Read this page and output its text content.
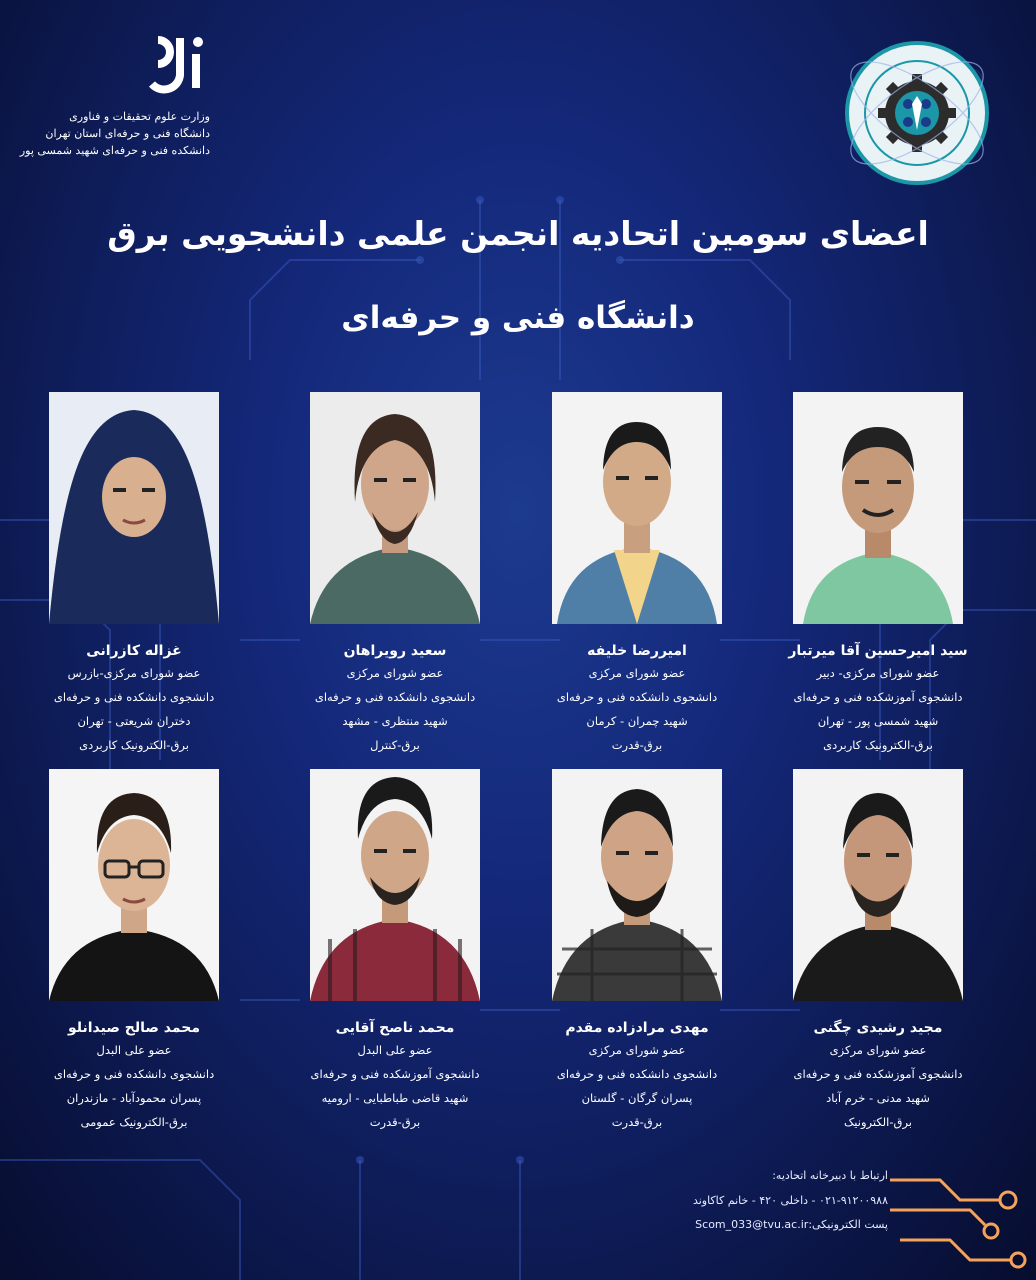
وزارت علوم تحقیقات و فناوری
دانشگاه فنی و حرفه‌ای استان تهران
دانشکده فنی و حرفه‌ای شهید شمسی پور
اعضای سومین اتحادیه انجمن علمی دانشجویی برق
دانشگاه فنی و حرفه‌ای
سید امیرحسین آقا میرتبار
عضو شورای مرکزی- دبیر
دانشجوی آموزشکده فنی و حرفه‌ای
شهید شمسی پور - تهران
برق-الکترونیک کاربردی
امیررضا خلیفه
عضو شورای مرکزی
دانشجوی دانشکده فنی و حرفه‌ای
شهید چمران - کرمان
برق-قدرت
سعید رویراهان
عضو شورای مرکزی
دانشجوی دانشکده فنی و حرفه‌ای
شهید منتظری - مشهد
برق-کنترل
غزاله کازرانی
عضو شورای مرکزی-بازرس
دانشجوی دانشکده فنی و حرفه‌ای
دختران شریعتی - تهران
برق-الکترونیک کاربردی
مجید رشیدی چگنی
عضو شورای مرکزی
دانشجوی آموزشکده فنی و حرفه‌ای
شهید مدنی - خرم آباد
برق-الکترونیک
مهدی مرادزاده مقدم
عضو شورای مرکزی
دانشجوی دانشکده فنی و حرفه‌ای
پسران گرگان - گلستان
برق-قدرت
محمد ناصح آقایی
عضو علی البدل
دانشجوی آموزشکده فنی و حرفه‌ای
شهید قاضی طباطبایی - ارومیه
برق-قدرت
محمد صالح صیدانلو
عضو علی البدل
دانشجوی دانشکده فنی و حرفه‌ای
پسران محمودآباد - مازندران
برق-الکترونیک عمومی
ارتباط با دبیرخانه اتحادیه:
۰۲۱-۹۱۲۰۰۹۸۸ - داخلی ۴۲۰ - خانم کاکاوند
پست الکترونیکی:Scom_033@tvu.ac.ir
